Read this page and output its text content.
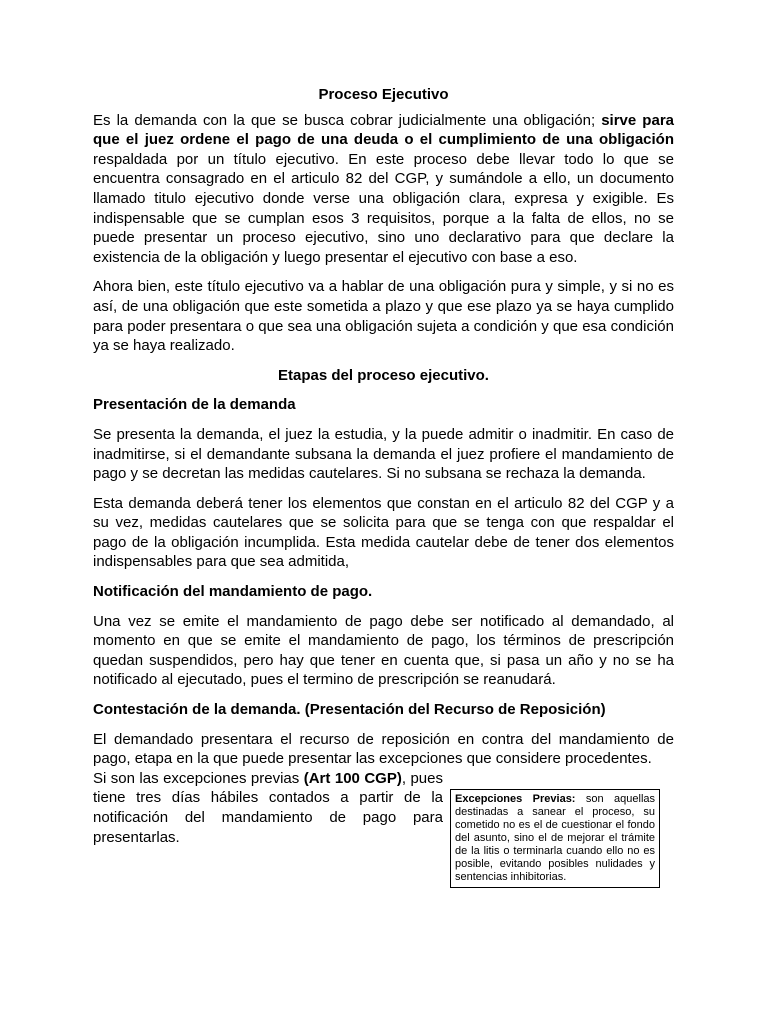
Proceso Ejecutivo

Es la demanda con la que se busca cobrar judicialmente una obligación; sirve para que el juez ordene el pago de una deuda o el cumplimiento de una obligación respaldada por un título ejecutivo. En este proceso debe llevar todo lo que se encuentra consagrado en el articulo 82 del CGP, y sumándole a ello, un documento llamado titulo ejecutivo donde verse una obligación clara, expresa y exigible. Es indispensable que se cumplan esos 3 requisitos, porque a la falta de ellos, no se puede presentar un proceso ejecutivo, sino uno declarativo para que declare la existencia de la obligación y luego presentar el ejecutivo con base a eso.

Ahora bien, este título ejecutivo va a hablar de una obligación pura y simple, y si no es así, de una obligación que este sometida a plazo y que ese plazo ya se haya cumplido para poder presentara o que sea una obligación sujeta a condición y que esa condición ya se haya realizado.

Etapas del proceso ejecutivo.
Presentación de la demanda

Se presenta la demanda, el juez la estudia, y la puede admitir o inadmitir. En caso de inadmitirse, si el demandante subsana la demanda el juez profiere el mandamiento de pago y se decretan las medidas cautelares. Si no subsana se rechaza la demanda.

Esta demanda deberá tener los elementos que constan en el articulo 82 del CGP y a su vez, medidas cautelares que se solicita para que se tenga con que respaldar el pago de la obligación incumplida. Esta medida cautelar debe de tener dos elementos indispensables para que sea admitida,

Notificación del mandamiento de pago.

Una vez se emite el mandamiento de pago debe ser notificado al demandado, al momento en que se emite el mandamiento de pago, los términos de prescripción quedan suspendidos, pero hay que tener en cuenta que, si pasa un año y no se ha notificado al ejecutado, pues el termino de prescripción se reanudará.

Contestación de la demanda. (Presentación del Recurso de Reposición)

El demandado presentara el recurso de reposición en contra del mandamiento de pago, etapa en la que puede presentar las excepciones que considere procedentes.

Si son las excepciones previas (Art 100 CGP), pues tiene tres días hábiles contados a partir de la notificación del mandamiento de pago para presentarlas.

Excepciones Previas: son aquellas destinadas a sanear el proceso, su cometido no es el de cuestionar el fondo del asunto, sino el de mejorar el trámite de la litis o terminarla cuando ello no es posible, evitando posibles nulidades y sentencias inhibitorias.
